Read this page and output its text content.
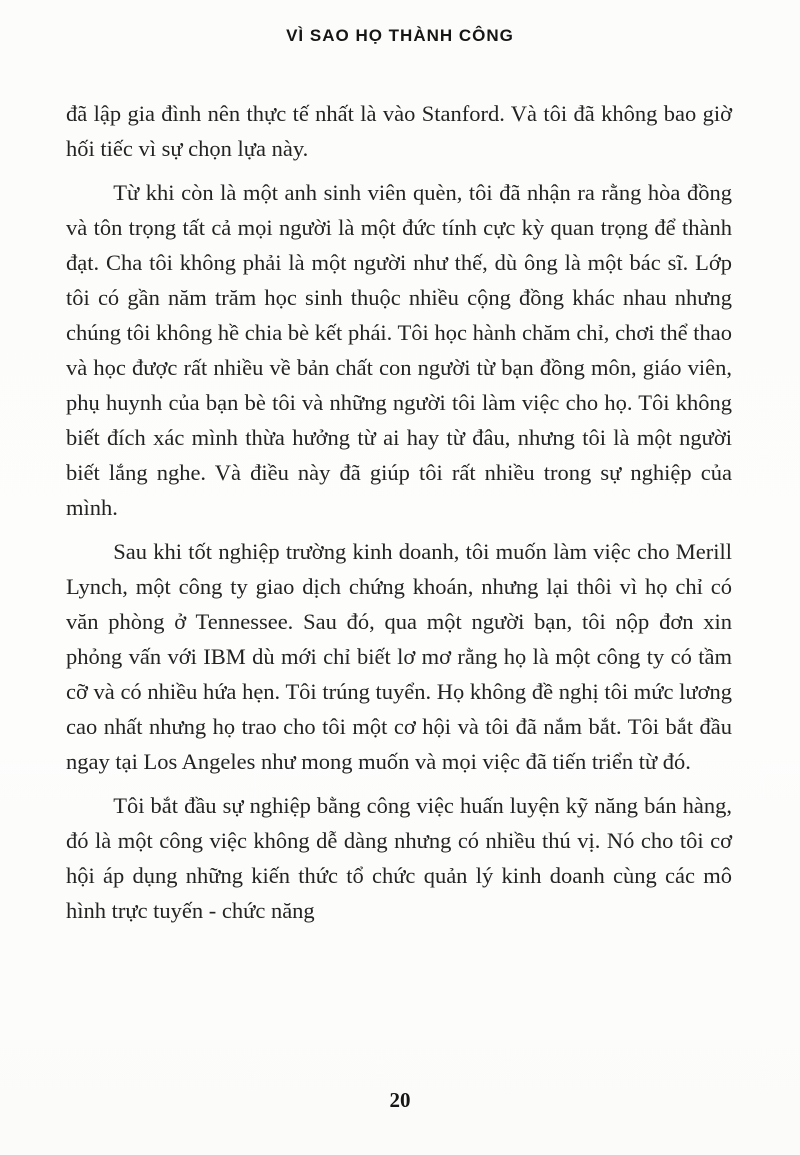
VÌ SAO HỌ THÀNH CÔNG

đã lập gia đình nên thực tế nhất là vào Stanford. Và tôi đã không bao giờ hối tiếc vì sự chọn lựa này.

Từ khi còn là một anh sinh viên quèn, tôi đã nhận ra rằng hòa đồng và tôn trọng tất cả mọi người là một đức tính cực kỳ quan trọng để thành đạt. Cha tôi không phải là một người như thế, dù ông là một bác sĩ. Lớp tôi có gần năm trăm học sinh thuộc nhiều cộng đồng khác nhau nhưng chúng tôi không hề chia bè kết phái. Tôi học hành chăm chỉ, chơi thể thao và học được rất nhiều về bản chất con người từ bạn đồng môn, giáo viên, phụ huynh của bạn bè tôi và những người tôi làm việc cho họ. Tôi không biết đích xác mình thừa hưởng từ ai hay từ đâu, nhưng tôi là một người biết lắng nghe. Và điều này đã giúp tôi rất nhiều trong sự nghiệp của mình.

Sau khi tốt nghiệp trường kinh doanh, tôi muốn làm việc cho Merill Lynch, một công ty giao dịch chứng khoán, nhưng lại thôi vì họ chỉ có văn phòng ở Tennessee. Sau đó, qua một người bạn, tôi nộp đơn xin phỏng vấn với IBM dù mới chỉ biết lơ mơ rằng họ là một công ty có tầm cỡ và có nhiều hứa hẹn. Tôi trúng tuyển. Họ không đề nghị tôi mức lương cao nhất nhưng họ trao cho tôi một cơ hội và tôi đã nắm bắt. Tôi bắt đầu ngay tại Los Angeles như mong muốn và mọi việc đã tiến triển từ đó.

Tôi bắt đầu sự nghiệp bằng công việc huấn luyện kỹ năng bán hàng, đó là một công việc không dễ dàng nhưng có nhiều thú vị. Nó cho tôi cơ hội áp dụng những kiến thức tổ chức quản lý kinh doanh cùng các mô hình trực tuyến - chức năng

20
